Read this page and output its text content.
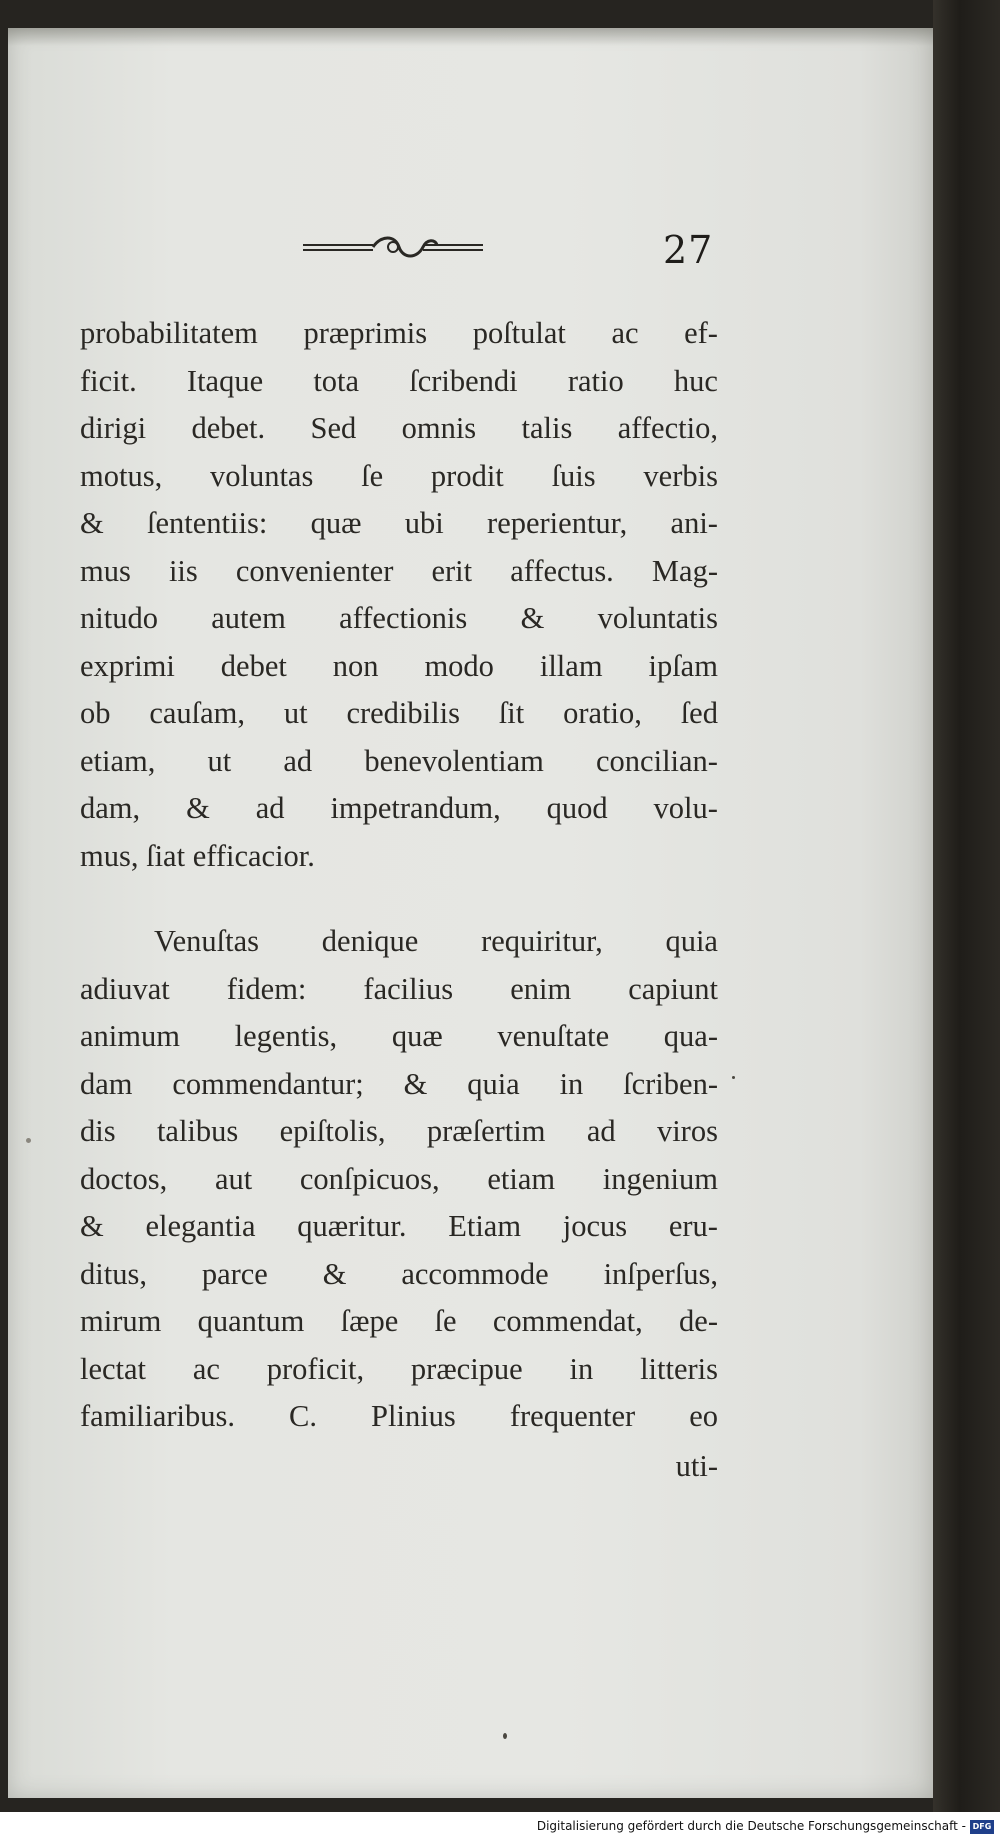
27
probabilitatem præprimis poſtulat ac ef-
ficit. Itaque tota ſcribendi ratio huc
dirigi debet. Sed omnis talis affectio,
motus, voluntas ſe prodit ſuis verbis
& ſententiis: quæ ubi reperientur, ani-
mus iis convenienter erit affectus. Mag-
nitudo autem affectionis & voluntatis
exprimi debet non modo illam ipſam
ob cauſam, ut credibilis ſit oratio, ſed
etiam, ut ad benevolentiam concilian-
dam, & ad impetrandum, quod volu-
mus, ſiat efficacior.
Venuſtas denique requiritur, quia
adiuvat fidem: facilius enim capiunt
animum legentis, quæ venuſtate qua-
dam commendantur; & quia in ſcriben-
dis talibus epiſtolis, præſertim ad viros
doctos, aut conſpicuos, etiam ingenium
& elegantia quæritur. Etiam jocus eru-
ditus, parce & accommode inſperſus,
mirum quantum ſæpe ſe commendat, de-
lectat ac proficit, præcipue in litteris
familiaribus. C. Plinius frequenter eo
uti-
Digitalisierung gefördert durch die Deutsche Forschungsgemeinschaft - DFG
